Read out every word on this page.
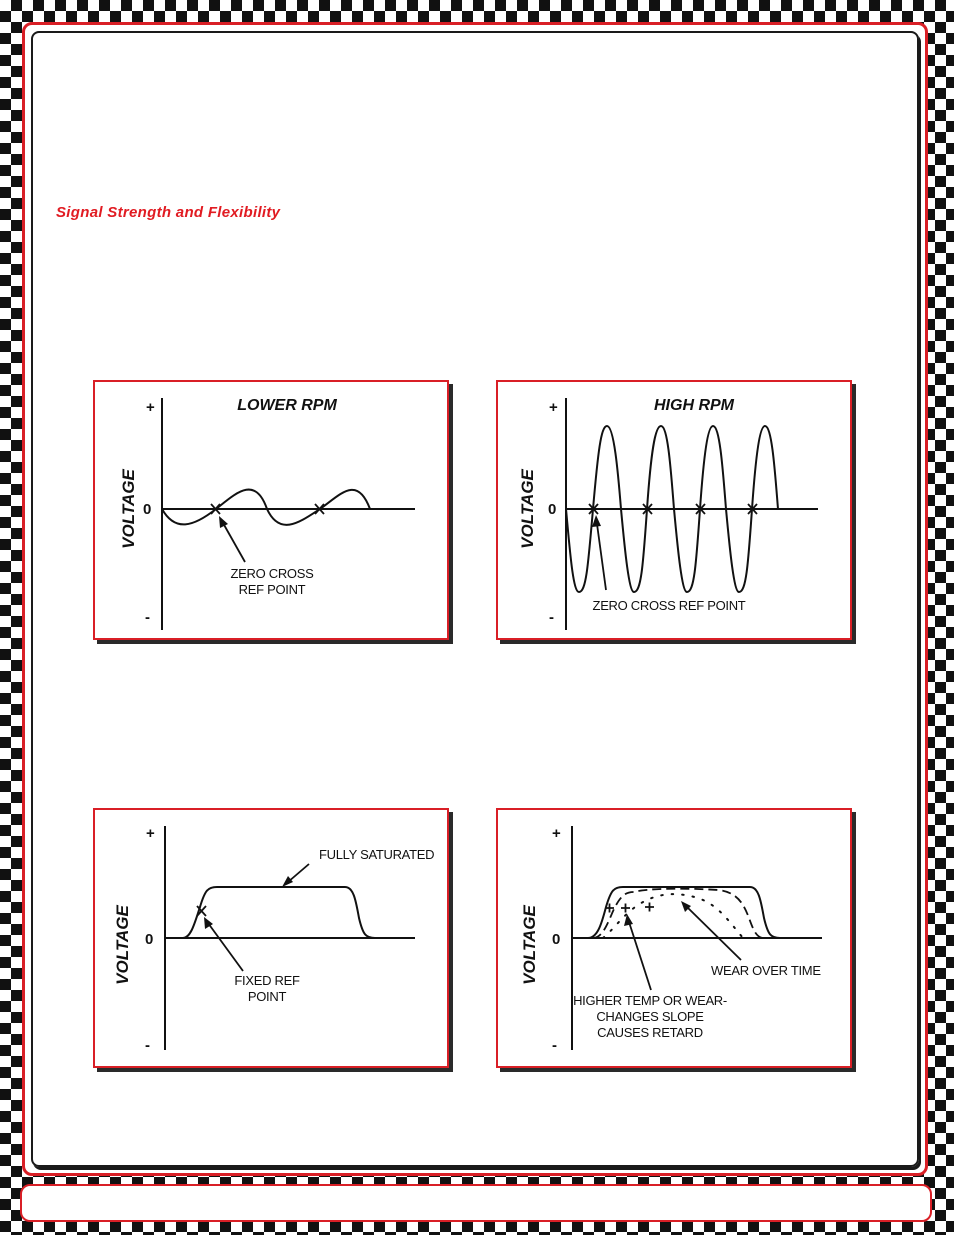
Signal Strength and Flexibility
+
0
-
VOLTAGE
LOWER RPM
ZERO CROSS
REF POINT
+
0
-
VOLTAGE
HIGH RPM
ZERO CROSS REF POINT
+
0
-
VOLTAGE	FIXED REF
POINT
FULLY SATURATED
+
0
-
VOLTAGE	WEAR OVER TIME
HIGHER TEMP OR WEAR-
CHANGES SLOPE
CAUSES RETARD
